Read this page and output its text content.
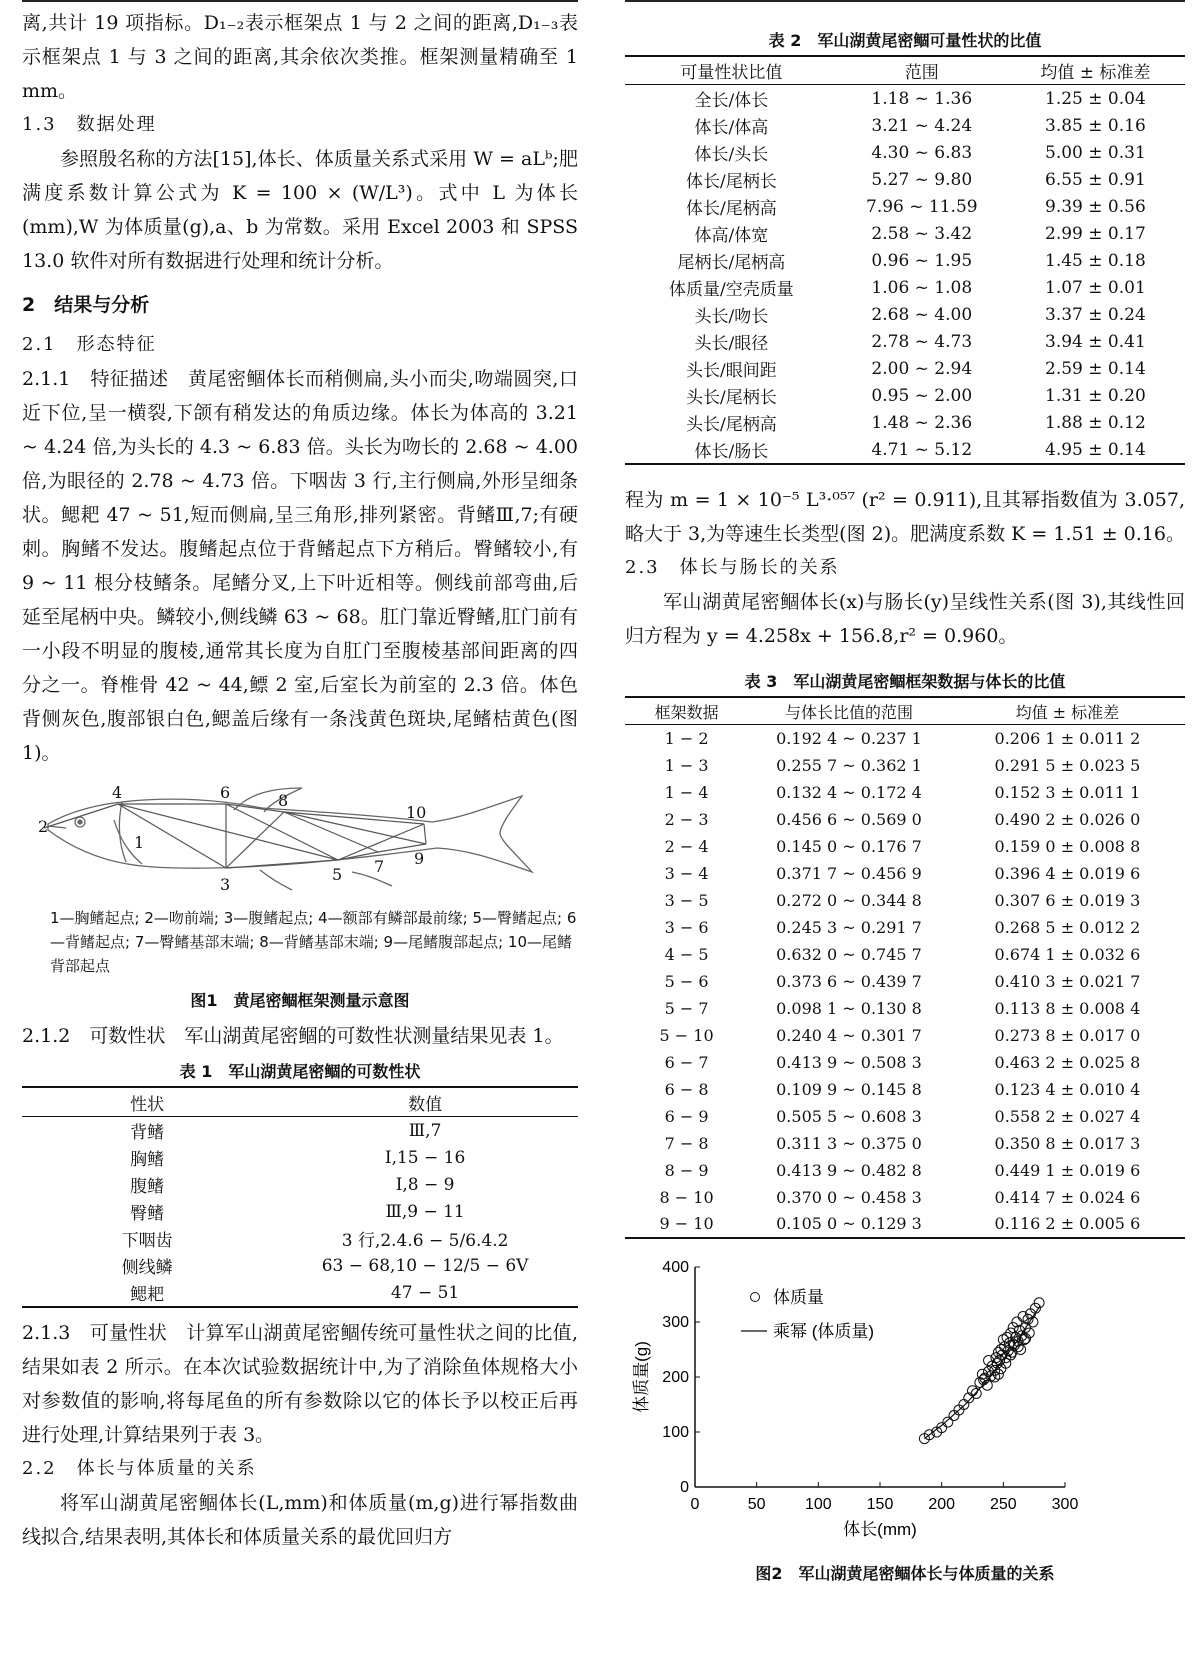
离,共计 19 项指标。D₁₋₂表示框架点 1 与 2 之间的距离,D₁₋₃表示框架点 1 与 3 之间的距离,其余依次类推。框架测量精确至 1 mm。

1.3　数据处理

参照殷名称的方法[15],体长、体质量关系式采用 W = aLᵇ;肥满度系数计算公式为 K = 100 × (W/L³)。式中 L 为体长(mm),W 为体质量(g),a、b 为常数。采用 Excel 2003 和 SPSS 13.0 软件对所有数据进行处理和统计分析。

2　结果与分析
2.1　形态特征

2.1.1　特征描述　黄尾密鲴体长而稍侧扁,头小而尖,吻端圆突,口近下位,呈一横裂,下颌有稍发达的角质边缘。体长为体高的 3.21 ~ 4.24 倍,为头长的 4.3 ~ 6.83 倍。头长为吻长的 2.68 ~ 4.00 倍,为眼径的 2.78 ~ 4.73 倍。下咽齿 3 行,主行侧扁,外形呈细条状。鳃耙 47 ~ 51,短而侧扁,呈三角形,排列紧密。背鳍Ⅲ,7;有硬刺。胸鳍不发达。腹鳍起点位于背鳍起点下方稍后。臀鳍较小,有 9 ~ 11 根分枝鳍条。尾鳍分叉,上下叶近相等。侧线前部弯曲,后延至尾柄中央。鳞较小,侧线鳞 63 ~ 68。肛门靠近臀鳍,肛门前有一小段不明显的腹棱,通常其长度为自肛门至腹棱基部间距离的四分之一。脊椎骨 42 ~ 44,鳔 2 室,后室长为前室的 2.3 倍。体色背侧灰色,腹部银白色,鳃盖后缘有一条浅黄色斑块,尾鳍桔黄色(图 1)。

1
2
3
4
5
6
7
8
9
10
1—胸鳍起点; 2—吻前端; 3—腹鳍起点; 4—额部有鳞部最前缘; 5—臀鳍起点; 6—背鳍起点; 7—臀鳍基部末端; 8—背鳍基部末端; 9—尾鳍腹部起点; 10—尾鳍背部起点
图1　黄尾密鲴框架测量示意图

2.1.2　可数性状　军山湖黄尾密鲴的可数性状测量结果见表 1。

表 1　军山湖黄尾密鲴的可数性状
性状	数值
背鳍	Ⅲ,7
胸鳍	Ⅰ,15 − 16
腹鳍	Ⅰ,8 − 9
臀鳍	Ⅲ,9 − 11
下咽齿	3 行,2.4.6 − 5/6.4.2
侧线鳞	63 − 68,10 − 12/5 − 6V
鳃耙	47 − 51

2.1.3　可量性状　计算军山湖黄尾密鲴传统可量性状之间的比值,结果如表 2 所示。在本次试验数据统计中,为了消除鱼体规格大小对参数值的影响,将每尾鱼的所有参数除以它的体长予以校正后再进行处理,计算结果列于表 3。

2.2　体长与体质量的关系

将军山湖黄尾密鲴体长(L,mm)和体质量(m,g)进行幂指数曲线拟合,结果表明,其体长和体质量关系的最优回归方

表 2　军山湖黄尾密鲴可量性状的比值
可量性状比值	范围	均值 ± 标准差
全长/体长	1.18 ~ 1.36	1.25 ± 0.04
体长/体高	3.21 ~ 4.24	3.85 ± 0.16
体长/头长	4.30 ~ 6.83	5.00 ± 0.31
体长/尾柄长	5.27 ~ 9.80	6.55 ± 0.91
体长/尾柄高	7.96 ~ 11.59	9.39 ± 0.56
体高/体宽	2.58 ~ 3.42	2.99 ± 0.17
尾柄长/尾柄高	0.96 ~ 1.95	1.45 ± 0.18
体质量/空壳质量	1.06 ~ 1.08	1.07 ± 0.01
头长/吻长	2.68 ~ 4.00	3.37 ± 0.24
头长/眼径	2.78 ~ 4.73	3.94 ± 0.41
头长/眼间距	2.00 ~ 2.94	2.59 ± 0.14
头长/尾柄长	0.95 ~ 2.00	1.31 ± 0.20
头长/尾柄高	1.48 ~ 2.36	1.88 ± 0.12
体长/肠长	4.71 ~ 5.12	4.95 ± 0.14

程为 m = 1 × 10⁻⁵ L³·⁰⁵⁷ (r² = 0.911),且其幂指数值为 3.057,略大于 3,为等速生长类型(图 2)。肥满度系数 K = 1.51 ± 0.16。

2.3　体长与肠长的关系

军山湖黄尾密鲴体长(x)与肠长(y)呈线性关系(图 3),其线性回归方程为 y = 4.258x + 156.8,r² = 0.960。

表 3　军山湖黄尾密鲴框架数据与体长的比值
框架数据	与体长比值的范围	均值 ± 标准差
1 − 2	0.192 4 ~ 0.237 1	0.206 1 ± 0.011 2
1 − 3	0.255 7 ~ 0.362 1	0.291 5 ± 0.023 5
1 − 4	0.132 4 ~ 0.172 4	0.152 3 ± 0.011 1
2 − 3	0.456 6 ~ 0.569 0	0.490 2 ± 0.026 0
2 − 4	0.145 0 ~ 0.176 7	0.159 0 ± 0.008 8
3 − 4	0.371 7 ~ 0.456 9	0.396 4 ± 0.019 6
3 − 5	0.272 0 ~ 0.344 8	0.307 6 ± 0.019 3
3 − 6	0.245 3 ~ 0.291 7	0.268 5 ± 0.012 2
4 − 5	0.632 0 ~ 0.745 7	0.674 1 ± 0.032 6
5 − 6	0.373 6 ~ 0.439 7	0.410 3 ± 0.021 7
5 − 7	0.098 1 ~ 0.130 8	0.113 8 ± 0.008 4
5 − 10	0.240 4 ~ 0.301 7	0.273 8 ± 0.017 0
6 − 7	0.413 9 ~ 0.508 3	0.463 2 ± 0.025 8
6 − 8	0.109 9 ~ 0.145 8	0.123 4 ± 0.010 4
6 − 9	0.505 5 ~ 0.608 3	0.558 2 ± 0.027 4
7 − 8	0.311 3 ~ 0.375 0	0.350 8 ± 0.017 3
8 − 9	0.413 9 ~ 0.482 8	0.449 1 ± 0.019 6
8 − 10	0.370 0 ~ 0.458 3	0.414 7 ± 0.024 6
9 − 10	0.105 0 ~ 0.129 3	0.116 2 ± 0.005 6
0	50 100 150 200 250 300
0
100
200
300
400
体长(mm)
体质量(g)
体质量
乘幂 (体质量)
图2　军山湖黄尾密鲴体长与体质量的关系
